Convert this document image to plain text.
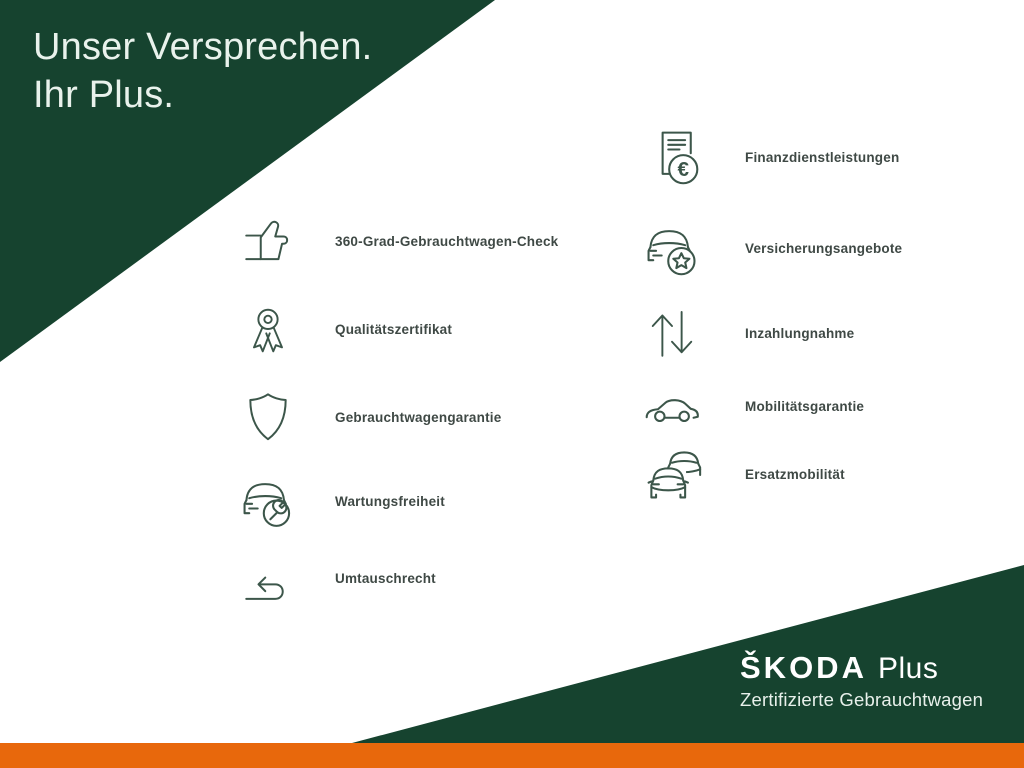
Unser Versprechen.
Ihr Plus.
360-Grad-Gebrauchtwagen-Check
Qualitätszertifikat
Gebrauchtwagengarantie
Wartungsfreiheit
Umtauschrecht
€
Finanzdienstleistungen
Versicherungsangebote
Inzahlungnahme
Mobilitätsgarantie
Ersatzmobilität
ŠKODA Plus
Zertifizierte Gebrauchtwagen
